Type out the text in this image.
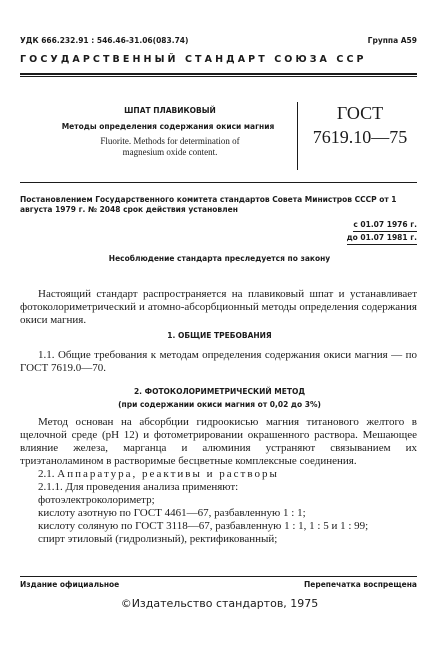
УДК 666.232.91 : 546.46-31.06(083.74)	Группа А59
ГОСУДАРСТВЕННЫЙ СТАНДАРТ СОЮЗА ССР
ШПАТ ПЛАВИКОВЫЙ
Методы определения содержания окиси магния
Fluorite. Methods for determination of
magnesium oxide content.
ГОСТ
7619.10—75
Постановлением Государственного комитета стандартов Совета Министров СССР от 1 августа 1979 г. № 2048 срок действия установлен
с 01.07 1976 г.
до 01.07 1981 г.
Несоблюдение стандарта преследуется по закону

Настоящий стандарт распространяется на плавиковый шпат и устанавливает фотоколориметрический и атомно-абсорбционный методы определения содержания окиси магния.

1. ОБЩИЕ ТРЕБОВАНИЯ

1.1. Общие требования к методам определения содержания окиси магния — по ГОСТ 7619.0—70.

2. ФОТОКОЛОРИМЕТРИЧЕСКИЙ МЕТОД
(при содержании окиси магния от 0,02 до 3%)

Метод основан на абсорбции гидроокисью магния титанового желтого в щелочной среде (рН 12) и фотометрировании окрашенного раствора. Мешающее влияние железа, марганца и алюминия устраняют связыванием их триэтаноламином в растворимые бесцветные комплексные соединения.

2.1. Аппаратура, реактивы и растворы

2.1.1. Для проведения анализа применяют:

фотоэлектроколориметр;

кислоту азотную по ГОСТ 4461—67, разбавленную 1 : 1;

кислоту соляную по ГОСТ 3118—67, разбавленную 1 : 1, 1 : 5 и 1 : 99;

спирт этиловый (гидролизный), ректификованный;

Издание официальное	Перепечатка воспрещена
©Издательство стандартов, 1975
